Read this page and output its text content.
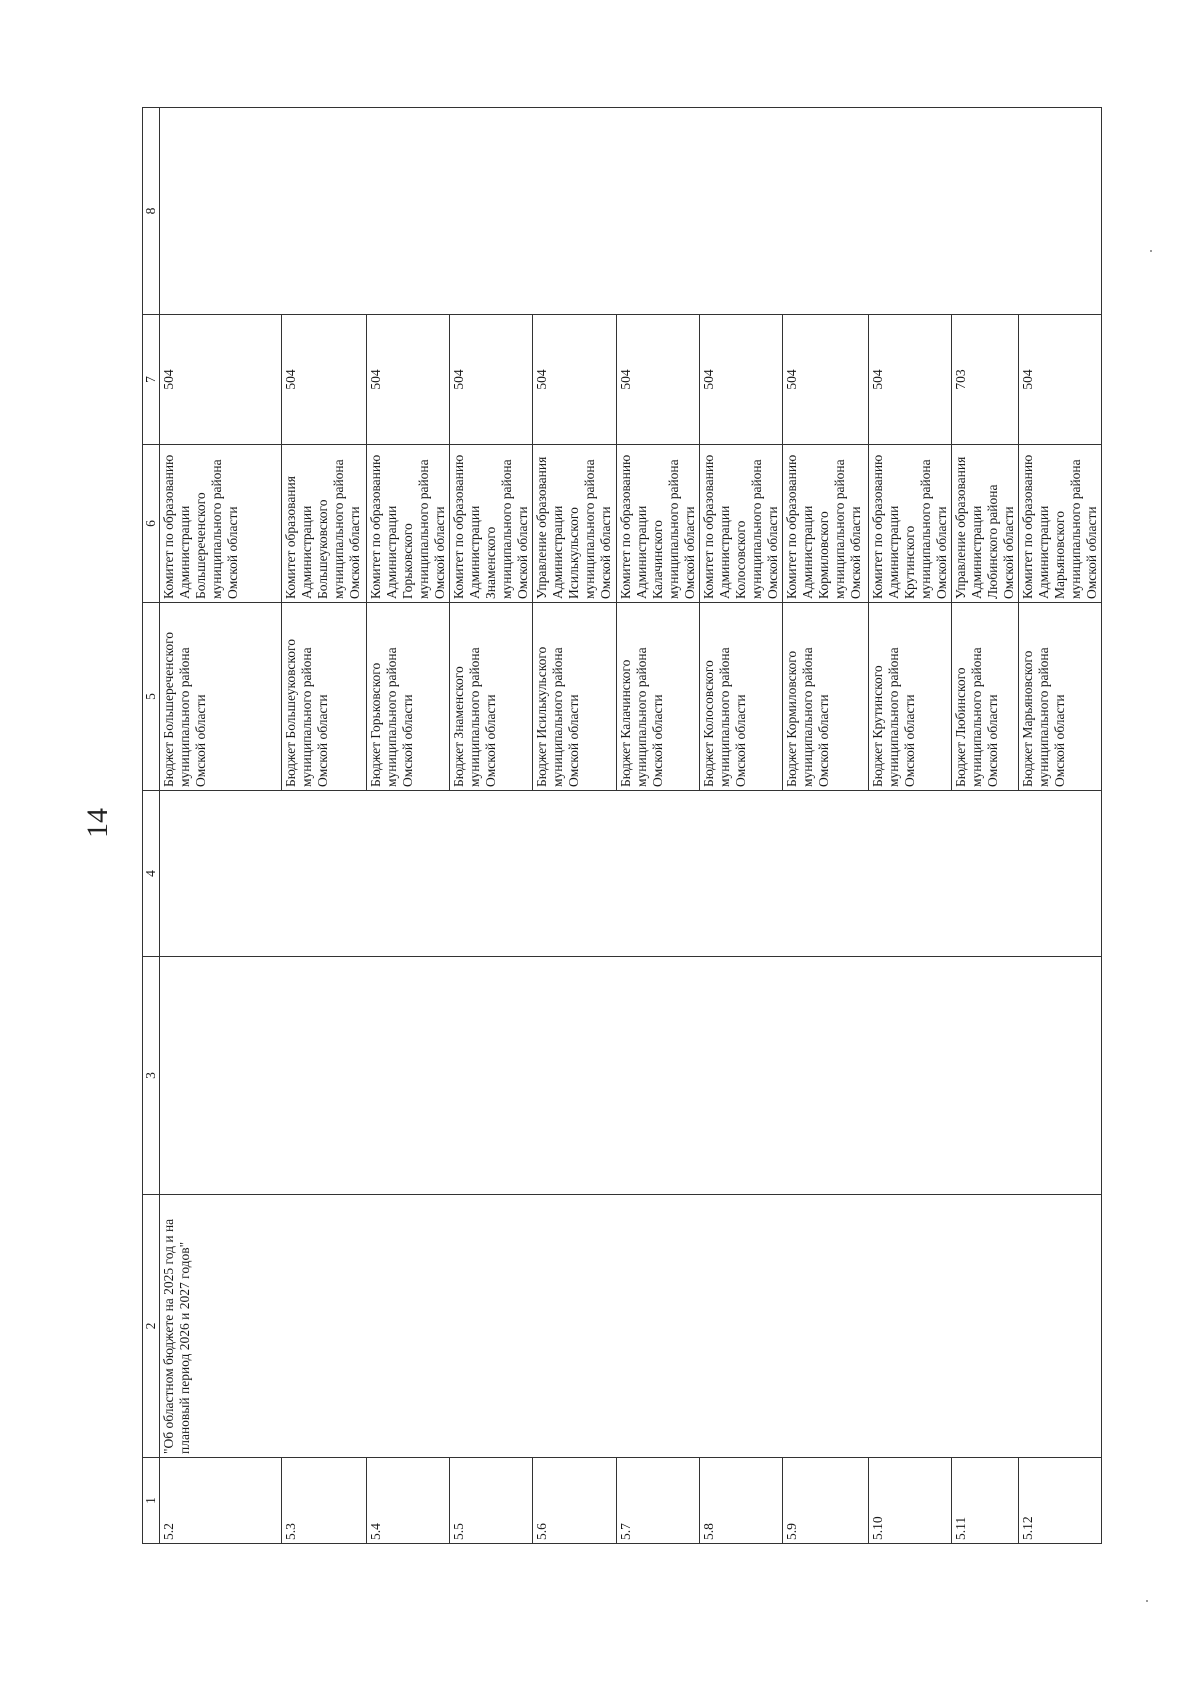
14
1	2	3	4	5	6	7	8
5.2	"Об областном бюджете на 2025 год и на плановый период 2026 и 2027 годов"			Бюджет Большереченского муниципального района Омской области	Комитет по образованию Администрации Большереченского муниципального района Омской области	504	
5.3				Бюджет Большеуковского муниципального района Омской области	Комитет образования Администрации Большеуковского муниципального района Омской области	504	
5.4				Бюджет Горьковского муниципального района Омской области	Комитет по образованию Администрации Горьковского муниципального района Омской области	504	
5.5				Бюджет Знаменского муниципального района Омской области	Комитет по образованию Администрации Знаменского муниципального района Омской области	504	
5.6				Бюджет Исилькульского муниципального района Омской области	Управление образования Администрации Исилькульского муниципального района Омской области	504	
5.7				Бюджет Калачинского муниципального района Омской области	Комитет по образованию Администрации Калачинского муниципального района Омской области	504	
5.8				Бюджет Колосовского муниципального района Омской области	Комитет по образованию Администрации Колосовского муниципального района Омской области	504	
5.9				Бюджет Кормиловского муниципального района Омской области	Комитет по образованию Администрации Кормиловского муниципального района Омской области	504	
5.10				Бюджет Крутинского муниципального района Омской области	Комитет по образованию Администрации Крутинского муниципального района Омской области	504	
5.11				Бюджет Любинского муниципального района Омской области	Управление образования Администрации Любинского района Омской области	703	
5.12				Бюджет Марьяновского муниципального района Омской области	Комитет по образованию Администрации Марьяновского муниципального района Омской области	504	
